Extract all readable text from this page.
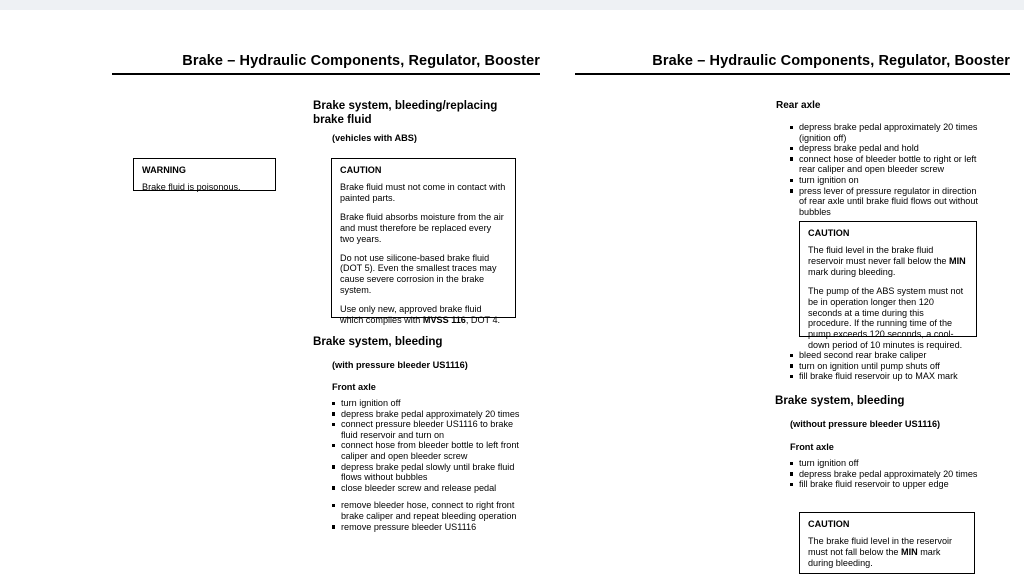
Brake – Hydraulic Components, Regulator, Booster
Brake system, bleeding/replacing brake fluid
(vehicles with ABS)
WARNING

Brake fluid is poisonous.

CAUTION

Brake fluid must not come in contact with painted parts.

Brake fluid absorbs moisture from the air and must therefore be replaced every two years.

Do not use silicone-based brake fluid (DOT 5). Even the smallest traces may cause severe corrosion in the brake system.

Use only new, approved brake fluid which complies with MVSS 116, DOT 4.

Brake system, bleeding
(with pressure bleeder US1116)
Front axle
turn ignition off
depress brake pedal approximately 20 times
connect pressure bleeder US1116 to brake fluid reservoir and turn on
connect hose from bleeder bottle to left front caliper and open bleeder screw
depress brake pedal slowly until brake fluid flows without bubbles
close bleeder screw and release pedal
remove bleeder hose, connect to right front brake caliper and repeat bleeding operation
remove pressure bleeder US1116
Brake – Hydraulic Components, Regulator, Booster
Rear axle
depress brake pedal approximately 20 times (ignition off)
depress brake pedal and hold
connect hose of bleeder bottle to right or left rear caliper and open bleeder screw
turn ignition on
press lever of pressure regulator in direction of rear axle until brake fluid flows out without bubbles
CAUTION

The fluid level in the brake fluid reservoir must never fall below the MIN mark during bleeding.

The pump of the ABS system must not be in operation longer then 120 seconds at a time during this procedure. If the running time of the pump exceeds 120 seconds, a cool-down period of 10 minutes is required.

bleed second rear brake caliper
turn on ignition until pump shuts off
fill brake fluid reservoir up to MAX mark
Brake system, bleeding
(without pressure bleeder US1116)
Front axle
turn ignition off
depress brake pedal approximately 20 times
fill brake fluid reservoir to upper edge
CAUTION

The brake fluid level in the reservoir must not fall below the MIN mark during bleeding.
